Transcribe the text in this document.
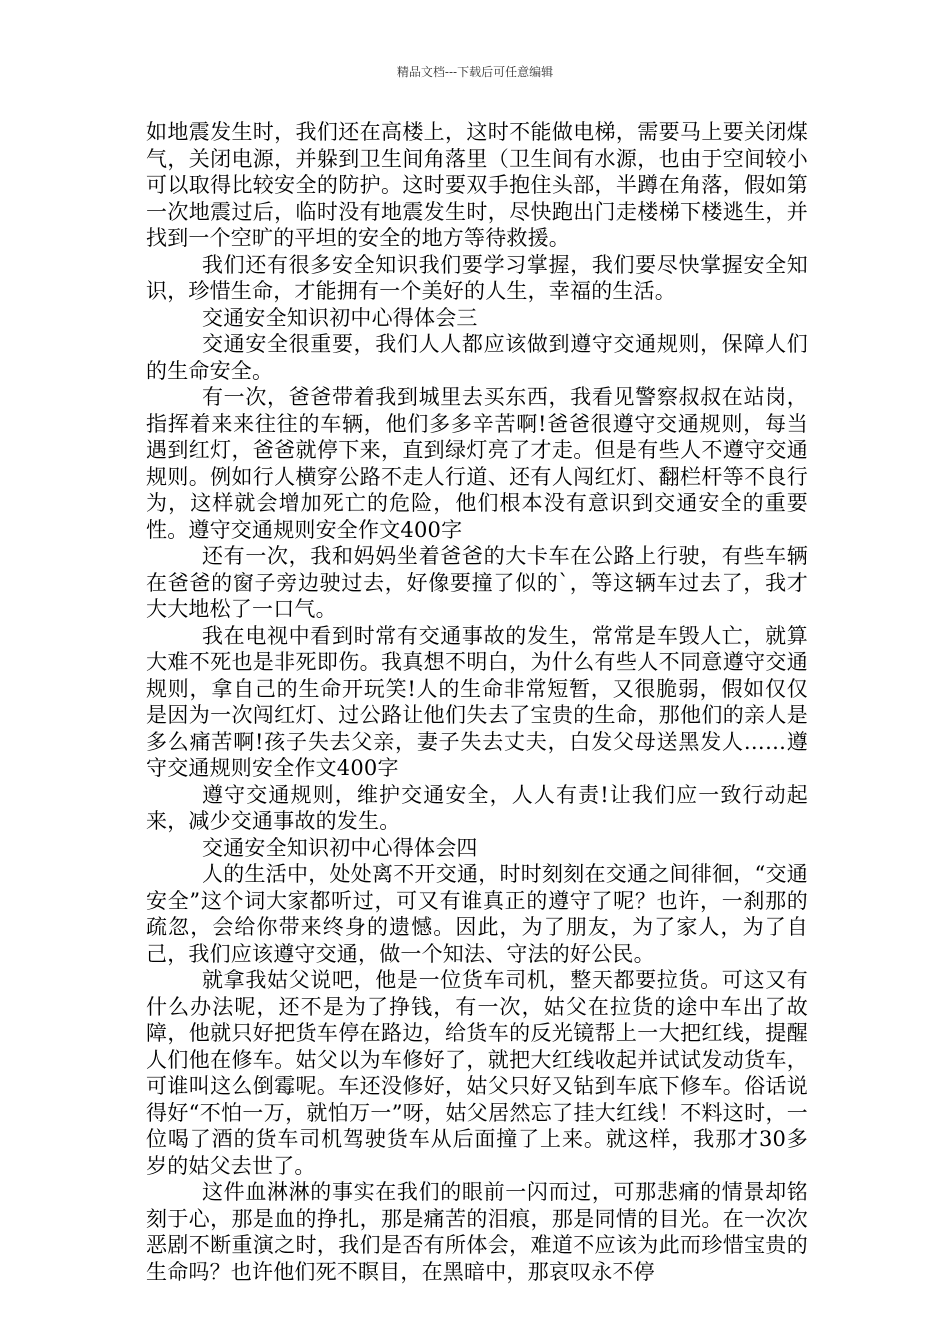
精品文档---下载后可任意编辑

如地震发生时，我们还在高楼上，这时不能做电梯，需要马上要关闭煤气，关闭电源，并躲到卫生间角落里（卫生间有水源，也由于空间较小可以取得比较安全的防护。这时要双手抱住头部，半蹲在角落，假如第一次地震过后，临时没有地震发生时，尽快跑出门走楼梯下楼逃生，并找到一个空旷的平坦的安全的地方等待救援。

我们还有很多安全知识我们要学习掌握，我们要尽快掌握安全知识，珍惜生命，才能拥有一个美好的人生，幸福的生活。

交通安全知识初中心得体会三

交通安全很重要，我们人人都应该做到遵守交通规则，保障人们的生命安全。

有一次，爸爸带着我到城里去买东西，我看见警察叔叔在站岗，指挥着来来往往的车辆，他们多多辛苦啊!爸爸很遵守交通规则，每当遇到红灯，爸爸就停下来，直到绿灯亮了才走。但是有些人不遵守交通规则。例如行人横穿公路不走人行道、还有人闯红灯、翻栏杆等不良行为，这样就会增加死亡的危险，他们根本没有意识到交通安全的重要性。遵守交通规则安全作文400字

还有一次，我和妈妈坐着爸爸的大卡车在公路上行驶，有些车辆在爸爸的窗子旁边驶过去，好像要撞了似的`，等这辆车过去了，我才大大地松了一口气。

我在电视中看到时常有交通事故的发生，常常是车毁人亡，就算大难不死也是非死即伤。我真想不明白，为什么有些人不同意遵守交通规则，拿自己的生命开玩笑!人的生命非常短暂，又很脆弱，假如仅仅是因为一次闯红灯、过公路让他们失去了宝贵的生命，那他们的亲人是多么痛苦啊!孩子失去父亲，妻子失去丈夫，白发父母送黑发人……遵守交通规则安全作文400字

遵守交通规则，维护交通安全，人人有责!让我们应一致行动起来，减少交通事故的发生。

交通安全知识初中心得体会四

人的生活中，处处离不开交通，时时刻刻在交通之间徘徊，“交通安全”这个词大家都听过，可又有谁真正的遵守了呢？也许，一刹那的疏忽，会给你带来终身的遗憾。因此，为了朋友，为了家人，为了自己，我们应该遵守交通，做一个知法、守法的好公民。

就拿我姑父说吧，他是一位货车司机，整天都要拉货。可这又有什么办法呢，还不是为了挣钱，有一次，姑父在拉货的途中车出了故障，他就只好把货车停在路边，给货车的反光镜帮上一大把红线，提醒人们他在修车。姑父以为车修好了，就把大红线收起并试试发动货车，可谁叫这么倒霉呢。车还没修好，姑父只好又钻到车底下修车。俗话说得好“不怕一万，就怕万一”呀，姑父居然忘了挂大红线！不料这时，一位喝了酒的货车司机驾驶货车从后面撞了上来。就这样，我那才30多岁的姑父去世了。

这件血淋淋的事实在我们的眼前一闪而过，可那悲痛的情景却铭刻于心，那是血的挣扎，那是痛苦的泪痕，那是同情的目光。在一次次恶剧不断重演之时，我们是否有所体会，难道不应该为此而珍惜宝贵的生命吗？也许他们死不瞑目，在黑暗中，那哀叹永不停
